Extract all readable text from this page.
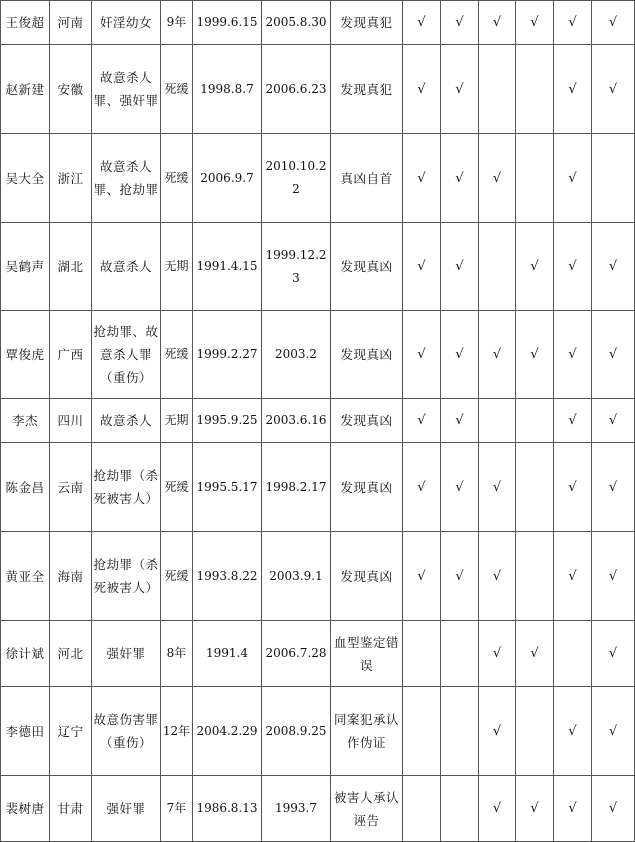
王俊超	河南	奸淫幼女	9年	1999.6.15	2005.8.30	发现真犯	√	√	√	√	√	√
赵新建	安徽	故意杀人罪、强奸罪	死缓	1998.8.7	2006.6.23	发现真犯	√	√			√	√
吴大全	浙江	故意杀人罪、抢劫罪	死缓	2006.9.7	2010.10.22	真凶自首	√	√	√		√	
吴鹤声	湖北	故意杀人	无期	1991.4.15	1999.12.23	发现真凶	√	√		√	√	√
覃俊虎	广西	抢劫罪、故意杀人罪（重伤）	死缓	1999.2.27	2003.2	发现真凶	√	√	√	√	√	√
李杰	四川	故意杀人	无期	1995.9.25	2003.6.16	发现真凶	√	√			√	√
陈金昌	云南	抢劫罪（杀死被害人）	死缓	1995.5.17	1998.2.17	发现真凶	√	√	√		√	√
黄亚全	海南	抢劫罪（杀死被害人）	死缓	1993.8.22	2003.9.1	发现真凶	√	√	√		√	√
徐计斌	河北	强奸罪	8年	1991.4	2006.7.28	血型鉴定错误			√	√		√
李德田	辽宁	故意伤害罪（重伤）	12年	2004.2.29	2008.9.25	同案犯承认作伪证			√		√	√
裴树唐	甘肃	强奸罪	7年	1986.8.13	1993.7	被害人承认诬告			√	√	√	√
